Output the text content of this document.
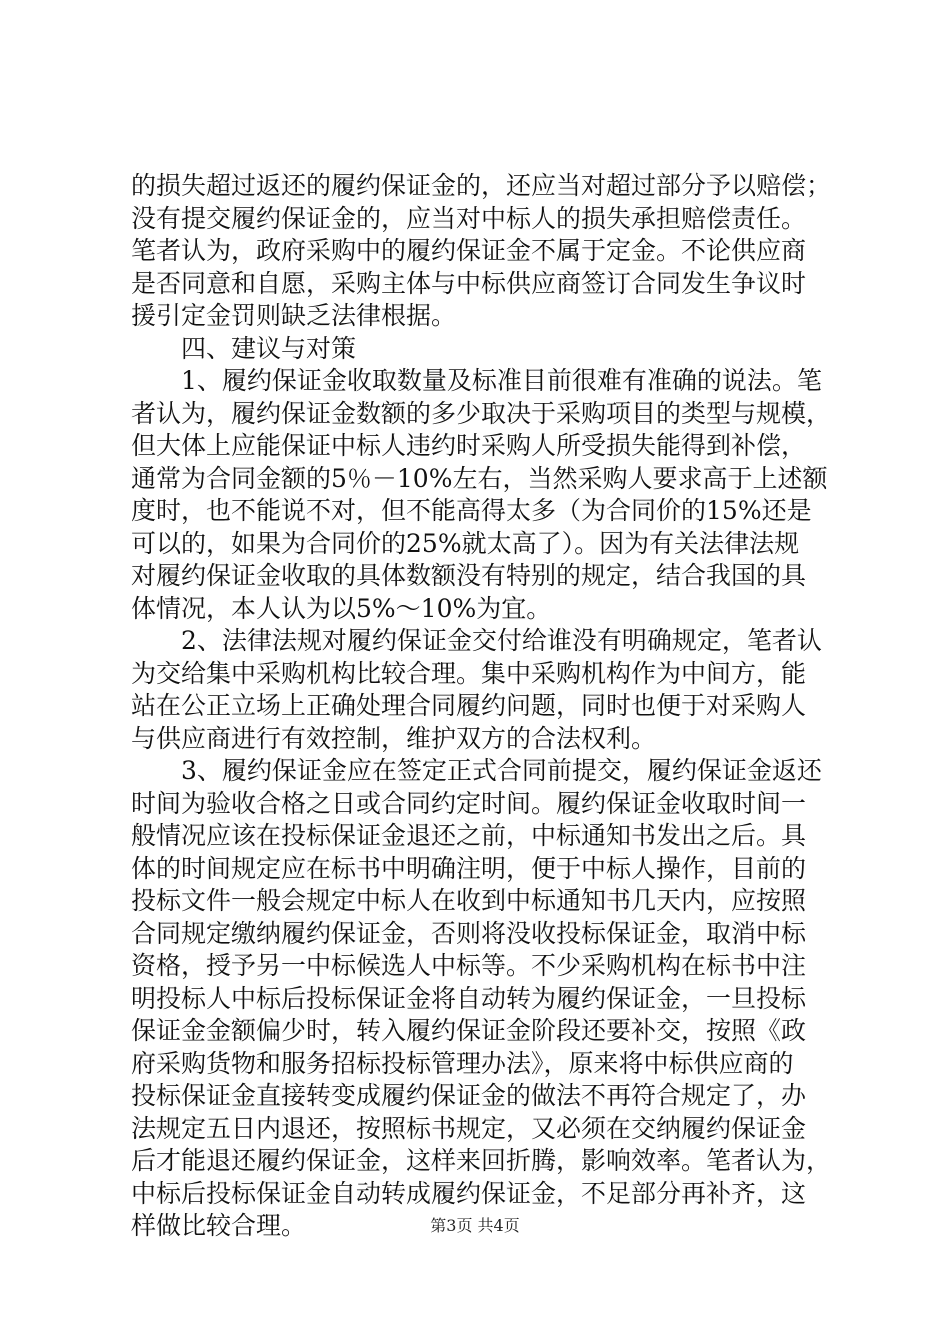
的损失超过返还的履约保证金的，还应当对超过部分予以赔偿；
没有提交履约保证金的，应当对中标人的损失承担赔偿责任。
笔者认为，政府采购中的履约保证金不属于定金。不论供应商
是否同意和自愿，采购主体与中标供应商签订合同发生争议时
援引定金罚则缺乏法律根据。
　　四、建议与对策
　　1、履约保证金收取数量及标准目前很难有准确的说法。笔
者认为，履约保证金数额的多少取决于采购项目的类型与规模，
但大体上应能保证中标人违约时采购人所受损失能得到补偿，
通常为合同金额的5％－10%左右，当然采购人要求高于上述额
度时，也不能说不对，但不能高得太多（为合同价的15%还是
可以的，如果为合同价的25%就太高了）。因为有关法律法规
对履约保证金收取的具体数额没有特别的规定，结合我国的具
体情况，本人认为以5%～10%为宜。
　　2、法律法规对履约保证金交付给谁没有明确规定，笔者认
为交给集中采购机构比较合理。集中采购机构作为中间方，能
站在公正立场上正确处理合同履约问题，同时也便于对采购人
与供应商进行有效控制，维护双方的合法权利。
　　3、履约保证金应在签定正式合同前提交，履约保证金返还
时间为验收合格之日或合同约定时间。履约保证金收取时间一
般情况应该在投标保证金退还之前，中标通知书发出之后。具
体的时间规定应在标书中明确注明，便于中标人操作，目前的
投标文件一般会规定中标人在收到中标通知书几天内，应按照
合同规定缴纳履约保证金，否则将没收投标保证金，取消中标
资格，授予另一中标候选人中标等。不少采购机构在标书中注
明投标人中标后投标保证金将自动转为履约保证金，一旦投标
保证金金额偏少时，转入履约保证金阶段还要补交，按照《政
府采购货物和服务招标投标管理办法》，原来将中标供应商的
投标保证金直接转变成履约保证金的做法不再符合规定了，办
法规定五日内退还，按照标书规定，又必须在交纳履约保证金
后才能退还履约保证金，这样来回折腾，影响效率。笔者认为，
中标后投标保证金自动转成履约保证金，不足部分再补齐，这
样做比较合理。	第3页 共4页
